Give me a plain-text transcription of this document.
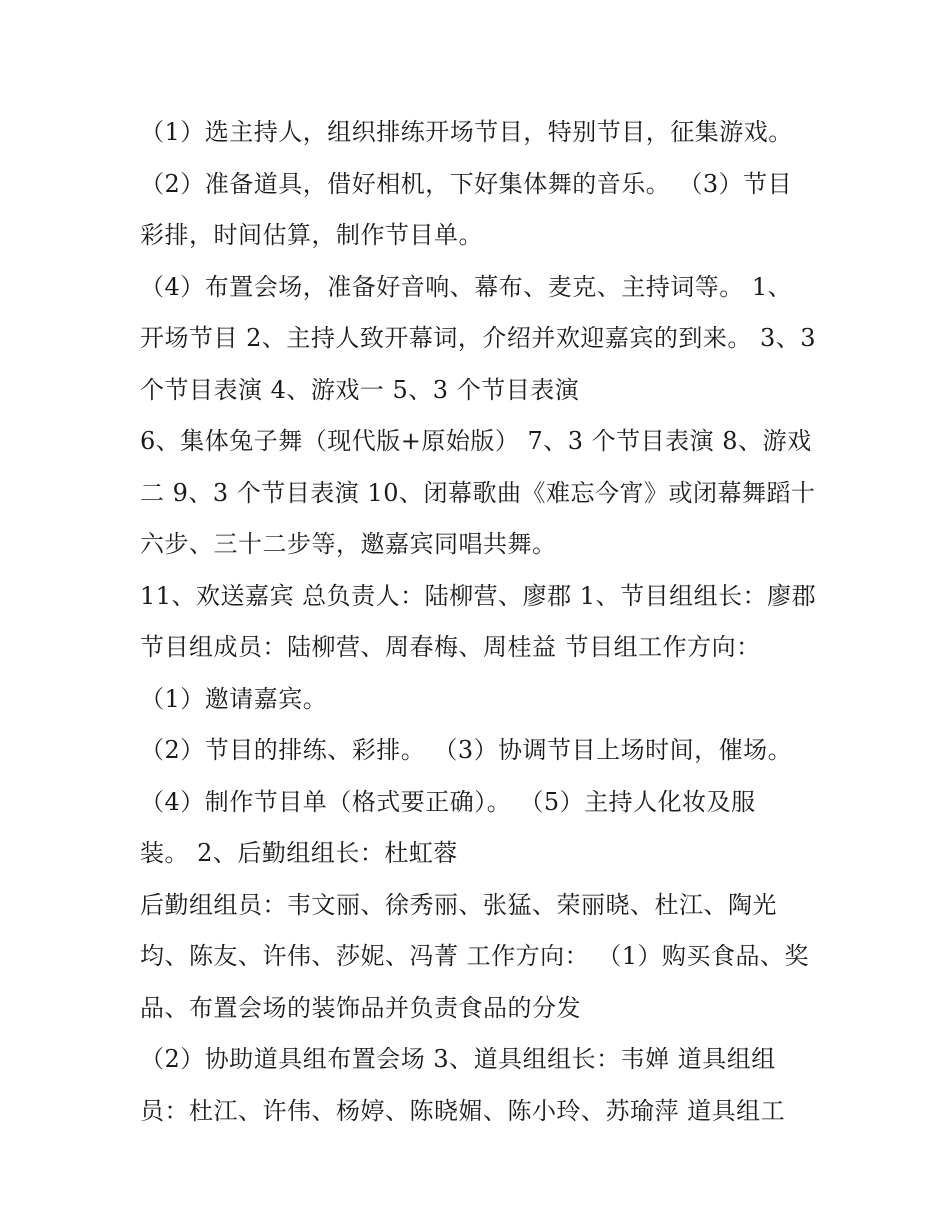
（1）选主持人，组织排练开场节目，特别节目，征集游戏。
（2）准备道具，借好相机，下好集体舞的音乐。 （3）节目
彩排，时间估算，制作节目单。
（4）布置会场，准备好音响、幕布、麦克、主持词等。 1、
开场节目 2、主持人致开幕词，介绍并欢迎嘉宾的到来。 3、3
个节目表演 4、游戏一 5、3 个节目表演
6、集体兔子舞（现代版+原始版） 7、3 个节目表演 8、游戏
二 9、3 个节目表演 10、闭幕歌曲《难忘今宵》或闭幕舞蹈十
六步、三十二步等，邀嘉宾同唱共舞。
11、欢送嘉宾 总负责人：陆柳营、廖郡 1、节目组组长：廖郡
节目组成员：陆柳营、周春梅、周桂益 节目组工作方向：
（1）邀请嘉宾。
（2）节目的排练、彩排。 （3）协调节目上场时间，催场。
（4）制作节目单（格式要正确）。 （5）主持人化妆及服
装。 2、后勤组组长：杜虹蓉
后勤组组员：韦文丽、徐秀丽、张猛、荣丽晓、杜江、陶光
均、陈友、许伟、莎妮、冯菁 工作方向： （1）购买食品、奖
品、布置会场的装饰品并负责食品的分发
（2）协助道具组布置会场 3、道具组组长：韦婵 道具组组
员：杜江、许伟、杨婷、陈晓媚、陈小玲、苏瑜萍 道具组工
